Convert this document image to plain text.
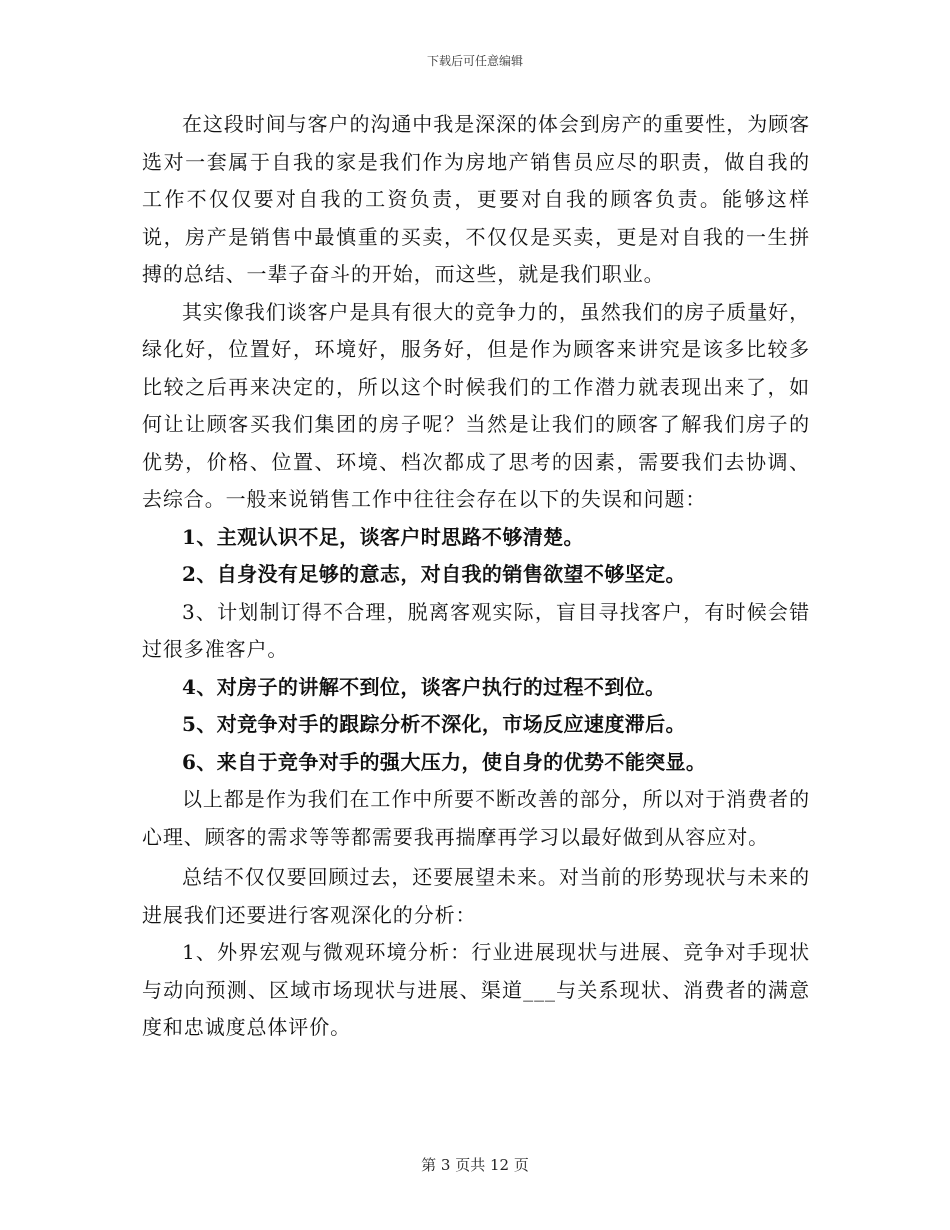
下载后可任意编辑

在这段时间与客户的沟通中我是深深的体会到房产的重要性，为顾客选对一套属于自我的家是我们作为房地产销售员应尽的职责，做自我的工作不仅仅要对自我的工资负责，更要对自我的顾客负责。能够这样说，房产是销售中最慎重的买卖，不仅仅是买卖，更是对自我的一生拼搏的总结、一辈子奋斗的开始，而这些，就是我们职业。

其实像我们谈客户是具有很大的竞争力的，虽然我们的房子质量好，绿化好，位置好，环境好，服务好，但是作为顾客来讲究是该多比较多比较之后再来决定的，所以这个时候我们的工作潜力就表现出来了，如何让让顾客买我们集团的房子呢？当然是让我们的顾客了解我们房子的优势，价格、位置、环境、档次都成了思考的因素，需要我们去协调、去综合。一般来说销售工作中往往会存在以下的失误和问题：

1、主观认识不足，谈客户时思路不够清楚。

2、自身没有足够的意志，对自我的销售欲望不够坚定。

3、计划制订得不合理，脱离客观实际，盲目寻找客户，有时候会错过很多准客户。

4、对房子的讲解不到位，谈客户执行的过程不到位。

5、对竞争对手的跟踪分析不深化，市场反应速度滞后。

6、来自于竞争对手的强大压力，使自身的优势不能突显。

以上都是作为我们在工作中所要不断改善的部分，所以对于消费者的心理、顾客的需求等等都需要我再揣摩再学习以最好做到从容应对。

总结不仅仅要回顾过去，还要展望未来。对当前的形势现状与未来的进展我们还要进行客观深化的分析：

1、外界宏观与微观环境分析：行业进展现状与进展、竞争对手现状与动向预测、区域市场现状与进展、渠道___与关系现状、消费者的满意度和忠诚度总体评价。

第 3 页共 12 页
